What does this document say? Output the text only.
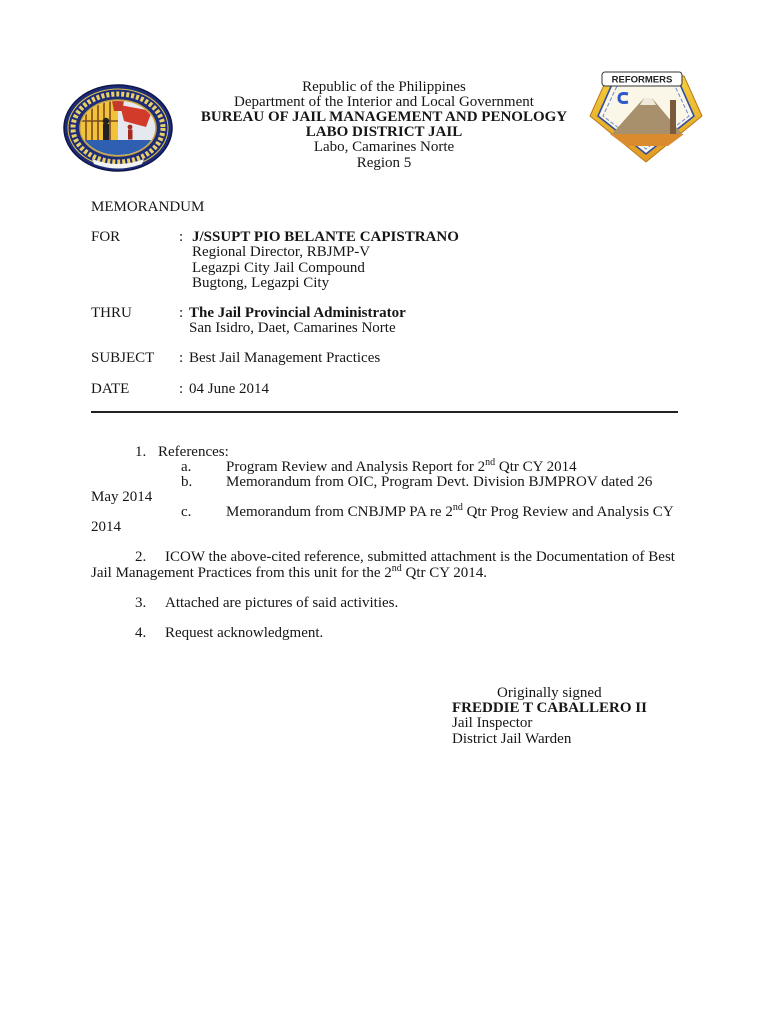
REFORMERS
Republic of the Philippines
Department of the Interior and Local Government
BUREAU OF JAIL MANAGEMENT AND PENOLOGY
LABO DISTRICT JAIL
Labo, Camarines Norte
Region 5
MEMORANDUM
FOR	: J/SSUPT PIO BELANTE CAPISTRANO
Regional Director, RBJMP-V
Legazpi City Jail Compound
Bugtong, Legazpi City
THRU	: The Jail Provincial Administrator
San Isidro, Daet, Camarines Norte
SUBJECT : Best Jail Management Practices
DATE	: 04 June 2014
1. References:
a. Program Review and Analysis Report for 2nd Qtr CY 2014
b. Memorandum from OIC, Program Devt. Division BJMPROV dated 26
May 2014
c. Memorandum from CNBJMP PA re 2nd Qtr Prog Review and Analysis CY
2014
2. ICOW the above-cited reference, submitted attachment is the Documentation of Best
Jail Management Practices from this unit for the 2nd Qtr CY 2014.
3. Attached are pictures of said activities.
4. Request acknowledgment.
Originally signed
FREDDIE T CABALLERO II
Jail Inspector
District Jail Warden
